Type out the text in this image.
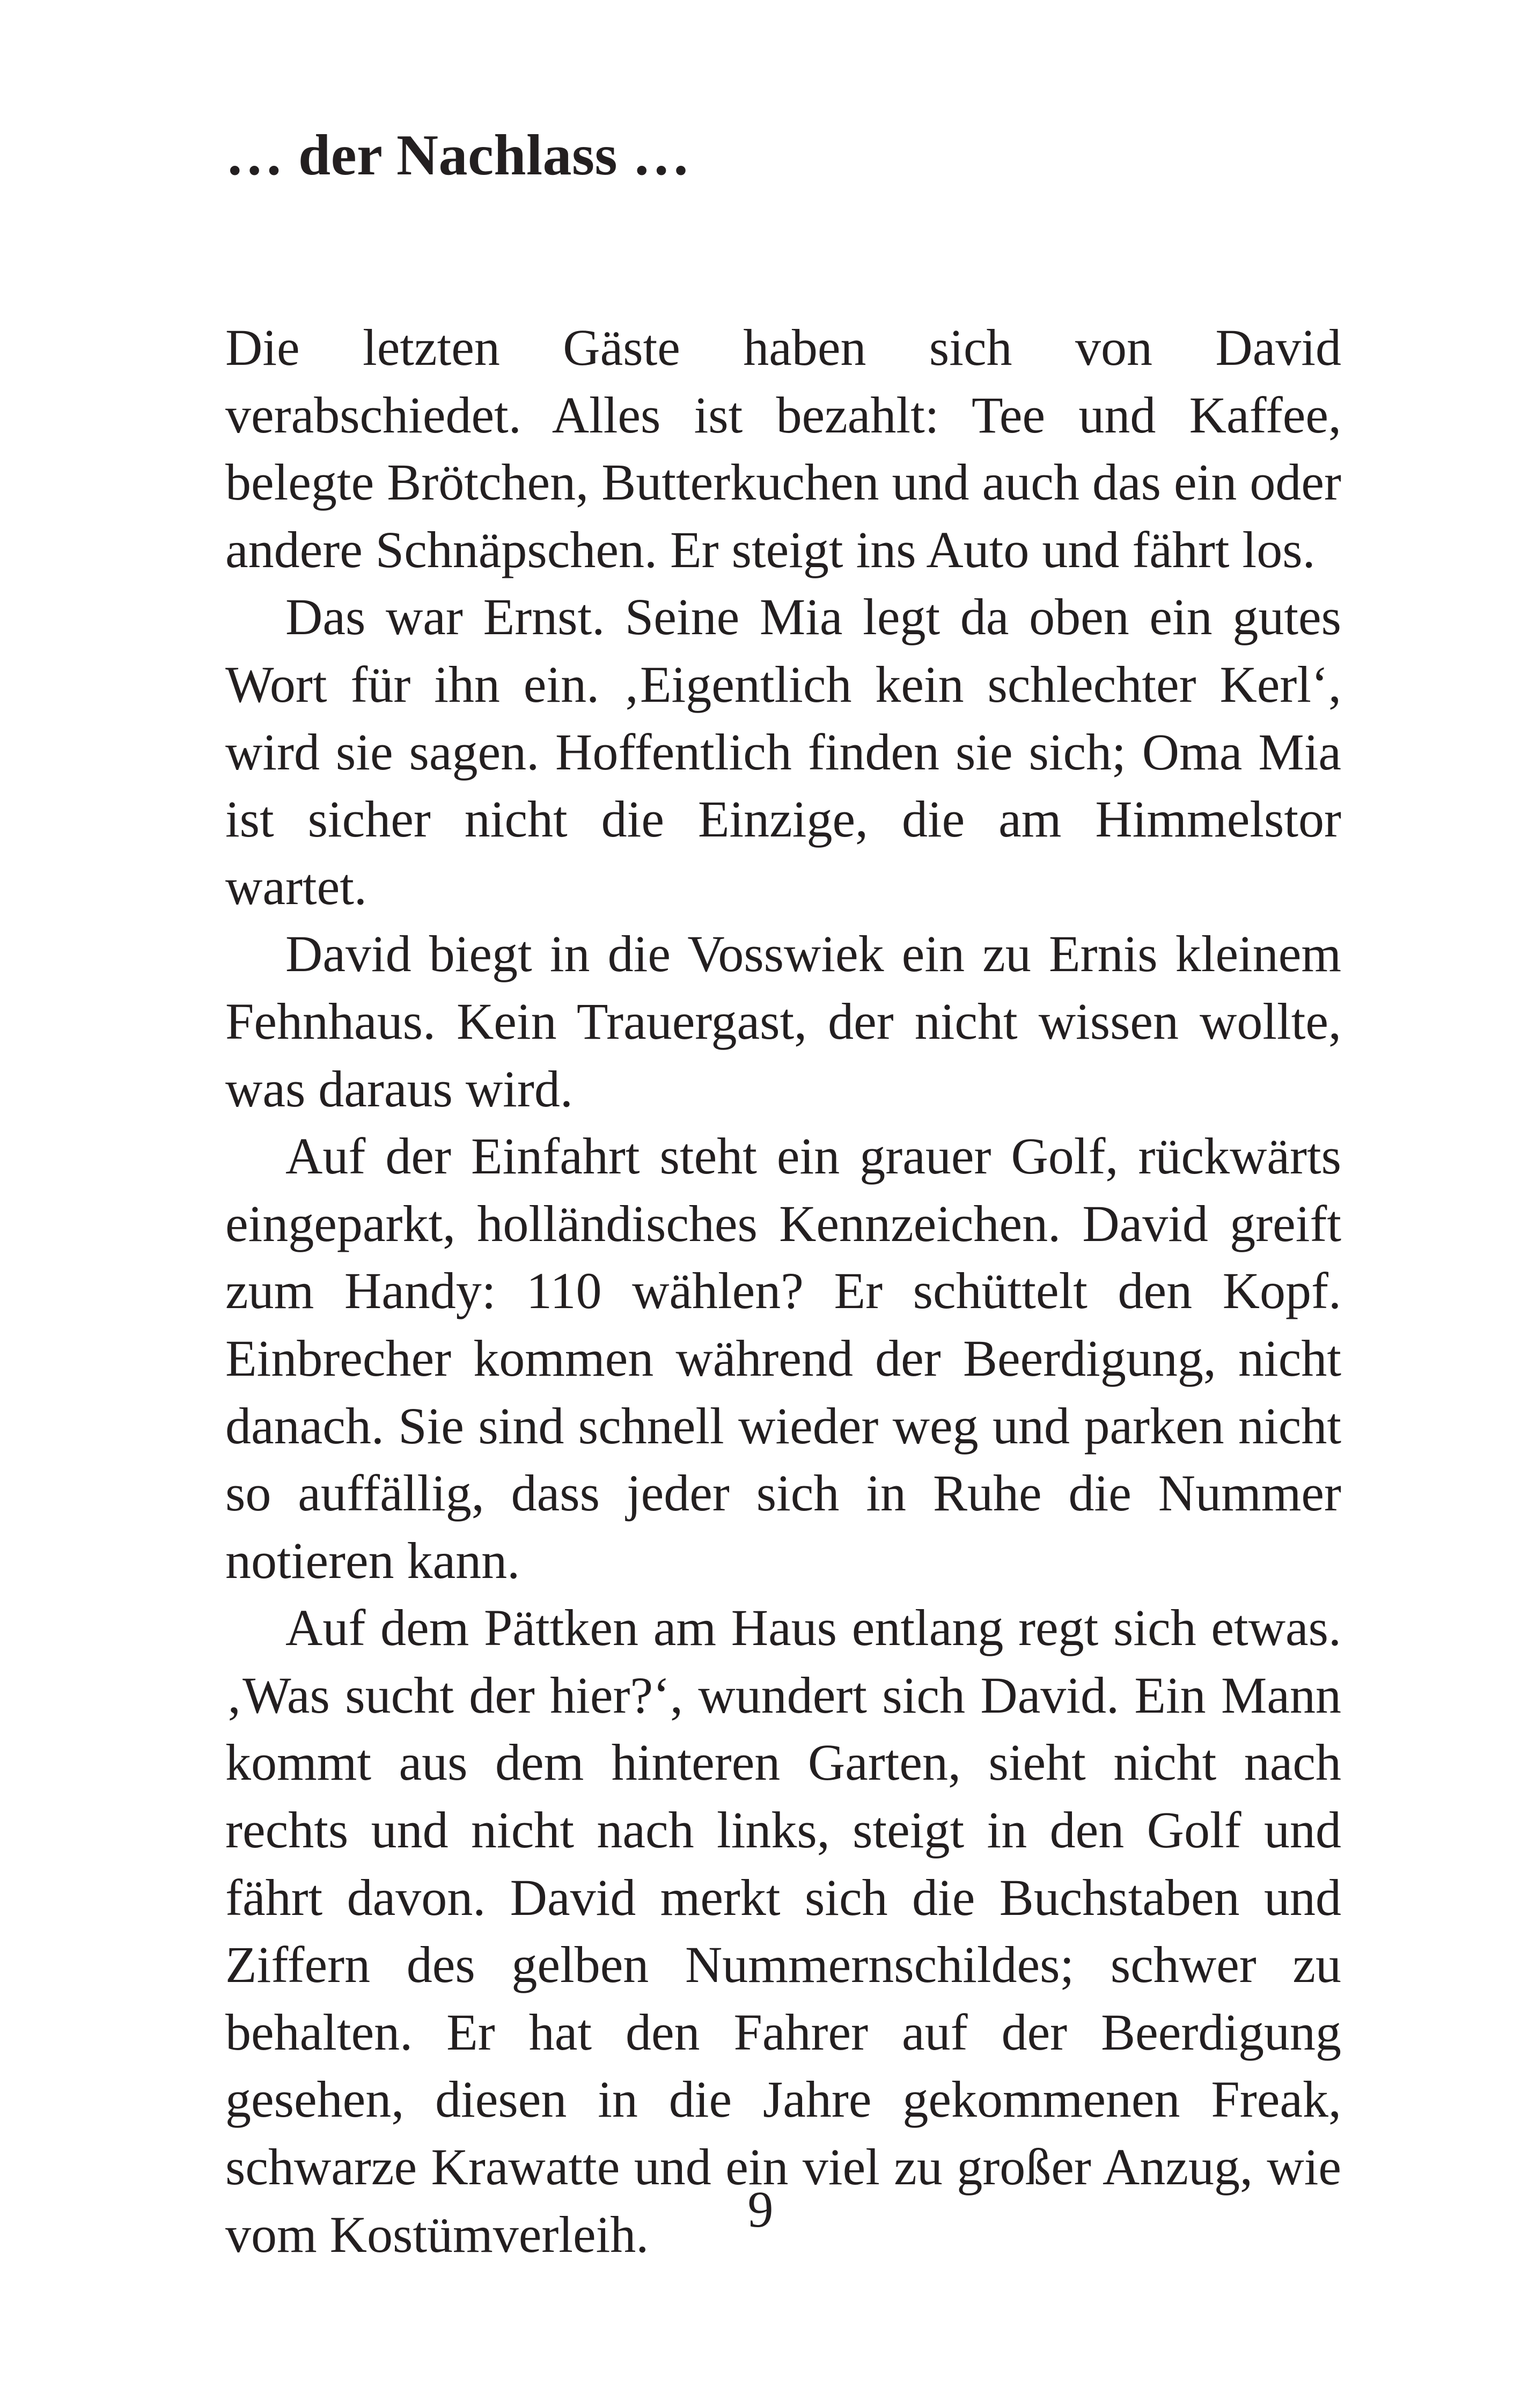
… der Nachlass …

Die letzten Gäste haben sich von David verabschiedet. Alles ist bezahlt: Tee und Kaffee, belegte Brötchen, Butterkuchen und auch das ein oder andere Schnäpschen. Er steigt ins Auto und fährt los.

Das war Ernst. Seine Mia legt da oben ein gutes Wort für ihn ein. ‚Eigentlich kein schlechter Kerl‘, wird sie sagen. Hoffentlich finden sie sich; Oma Mia ist sicher nicht die Einzige, die am Himmelstor wartet.

David biegt in die Vosswiek ein zu Ernis kleinem Fehnhaus. Kein Trauergast, der nicht wissen wollte, was daraus wird.

Auf der Einfahrt steht ein grauer Golf, rückwärts eingeparkt, holländisches Kennzeichen. David greift zum Handy: 110 wählen? Er schüttelt den Kopf. Einbrecher kommen während der Beerdigung, nicht danach. Sie sind schnell wieder weg und parken nicht so auffällig, dass jeder sich in Ruhe die Nummer notieren kann.

Auf dem Pättken am Haus entlang regt sich etwas. ‚Was sucht der hier?‘, wundert sich David. Ein Mann kommt aus dem hinteren Garten, sieht nicht nach rechts und nicht nach links, steigt in den Golf und fährt davon. David merkt sich die Buchstaben und Ziffern des gelben Nummernschildes; schwer zu behalten. Er hat den Fahrer auf der Beerdigung gesehen, diesen in die Jahre gekommenen Freak, schwarze Krawatte und ein viel zu großer Anzug, wie vom Kostümverleih.	9
